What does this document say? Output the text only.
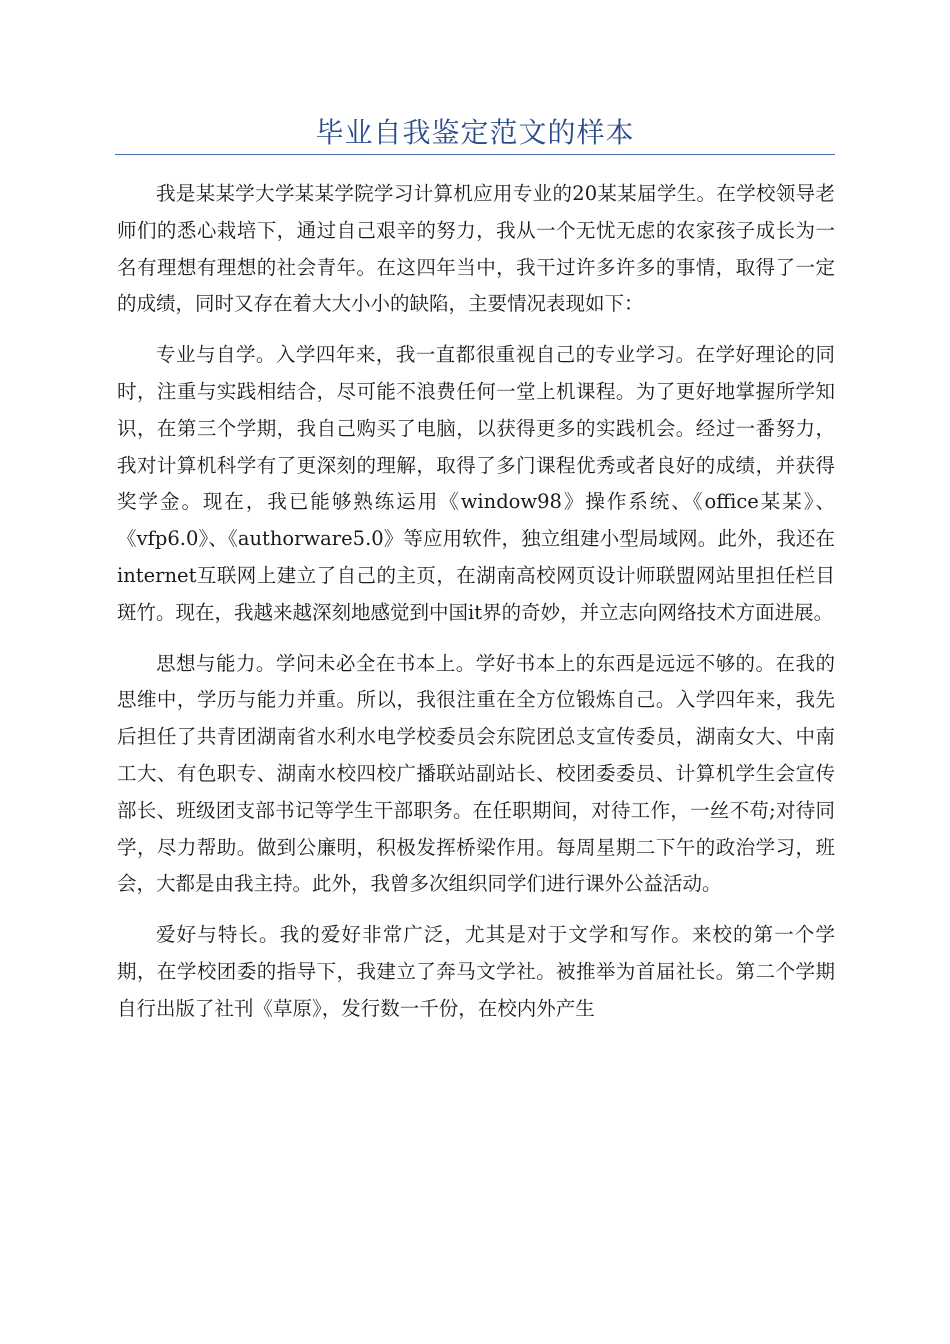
毕业自我鉴定范文的样本

我是某某学大学某某学院学习计算机应用专业的20某某届学生。在学校领导老师们的悉心栽培下，通过自己艰辛的努力，我从一个无忧无虑的农家孩子成长为一名有理想有理想的社会青年。在这四年当中，我干过许多许多的事情，取得了一定的成绩，同时又存在着大大小小的缺陷，主要情况表现如下：

专业与自学。入学四年来，我一直都很重视自己的专业学习。在学好理论的同时，注重与实践相结合，尽可能不浪费任何一堂上机课程。为了更好地掌握所学知识，在第三个学期，我自己购买了电脑，以获得更多的实践机会。经过一番努力，我对计算机科学有了更深刻的理解，取得了多门课程优秀或者良好的成绩，并获得奖学金。现在，我已能够熟练运用《window98》操作系统、《office某某》、《vfp6.0》、《authorware5.0》等应用软件，独立组建小型局域网。此外，我还在internet互联网上建立了自己的主页，在湖南高校网页设计师联盟网站里担任栏目斑竹。现在，我越来越深刻地感觉到中国it界的奇妙，并立志向网络技术方面进展。

思想与能力。学问未必全在书本上。学好书本上的东西是远远不够的。在我的思维中，学历与能力并重。所以，我很注重在全方位锻炼自己。入学四年来，我先后担任了共青团湖南省水利水电学校委员会东院团总支宣传委员，湖南女大、中南工大、有色职专、湖南水校四校广播联站副站长、校团委委员、计算机学生会宣传部长、班级团支部书记等学生干部职务。在任职期间，对待工作，一丝不苟;对待同学，尽力帮助。做到公廉明，积极发挥桥梁作用。每周星期二下午的政治学习，班会，大都是由我主持。此外，我曾多次组织同学们进行课外公益活动。

爱好与特长。我的爱好非常广泛，尤其是对于文学和写作。来校的第一个学期，在学校团委的指导下，我建立了奔马文学社。被推举为首届社长。第二个学期自行出版了社刊《草原》，发行数一千份，在校内外产生
